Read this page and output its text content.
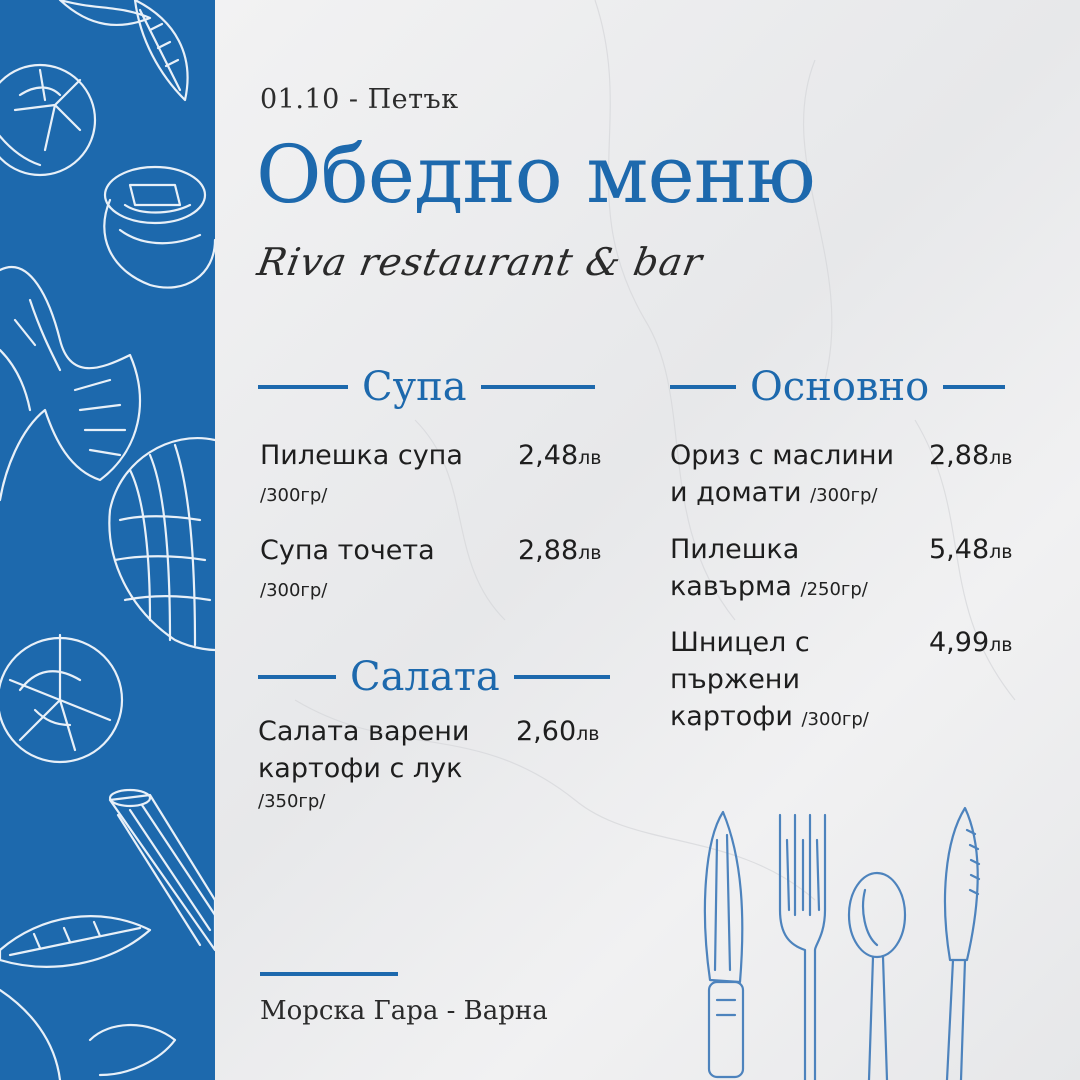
01.10 - Петък
Обедно меню
Riva restaurant & bar
Супа
Пилешка супа
/300гр/
2,48лв
Супа точета
/300гр/
2,88лв
Салата
Салата варени
картофи с лук
/350гр/
2,60лв
Основно
Ориз с маслини
и домати /300гр/
2,88лв
Пилешка
кавърма /250гр/
5,48лв
Шницел с
пържени
картофи /300гр/
4,99лв
Морска Гара - Варна
